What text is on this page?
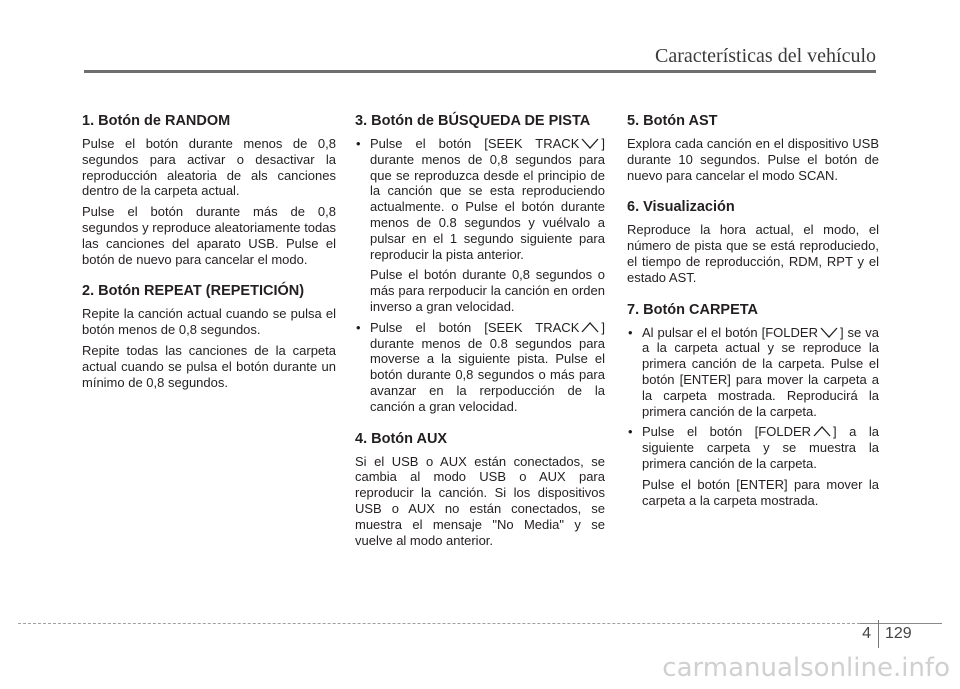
Características del vehículo
1. Botón de RANDOM

Pulse el botón durante menos de 0,8 segundos para activar o desactivar la reproducción aleatoria de als canciones dentro de la carpeta actual.

Pulse el botón durante más de 0,8 segundos y reproduce aleatoriamente todas las canciones del aparato USB. Pulse el botón de nuevo para cancelar el modo.

2. Botón REPEAT (REPETICIÓN)

Repite la canción actual cuando se pulsa el botón menos de 0,8 segundos.

Repite todas las canciones de la carpeta actual cuando se pulsa el botón durante un mínimo de 0,8 segundos.

3. Botón de BÚSQUEDA DE PISTA

• Pulse el botón [SEEK TRACK ] durante menos de 0,8 segundos para que se reproduzca desde el principio de la canción que se esta reproduciendo actualmente. o Pulse el botón durante menos de 0.8 segundos y vuélvalo a pulsar en el 1 segundo siguiente para reproducir la pista anterior.

Pulse el botón durante 0,8 segundos o más para rerpoducir la canción en orden inverso a gran velocidad.

• Pulse el botón [SEEK TRACK ] durante menos de 0.8 segundos para moverse a la siguiente pista. Pulse el botón durante 0,8 segundos o más para avanzar en la rerpoducción de la canción a gran velocidad.

4. Botón AUX

Si el USB o AUX están conectados, se cambia al modo USB o AUX para reproducir la canción. Si los dispositivos USB o AUX no están conectados, se muestra el mensaje "No Media" y se vuelve al modo anterior.

5. Botón AST

Explora cada canción en el dispositivo USB durante 10 segundos. Pulse el botón de nuevo para cancelar el modo SCAN.

6. Visualización

Reproduce la hora actual, el modo, el número de pista que se está reproduciedo, el tiempo de reproducción, RDM, RPT y el estado AST.

7. Botón CARPETA

• Al pulsar el el botón [FOLDER ] se va a la carpeta actual y se reproduce la primera canción de la carpeta. Pulse el botón [ENTER] para mover la carpeta a la carpeta mostrada. Reproducirá la primera canción de la carpeta.

• Pulse el botón [FOLDER ] a la siguiente carpeta y se muestra la primera canción de la carpeta.

Pulse el botón [ENTER] para mover la carpeta a la carpeta mostrada.

4 129
carmanualsonline.info
